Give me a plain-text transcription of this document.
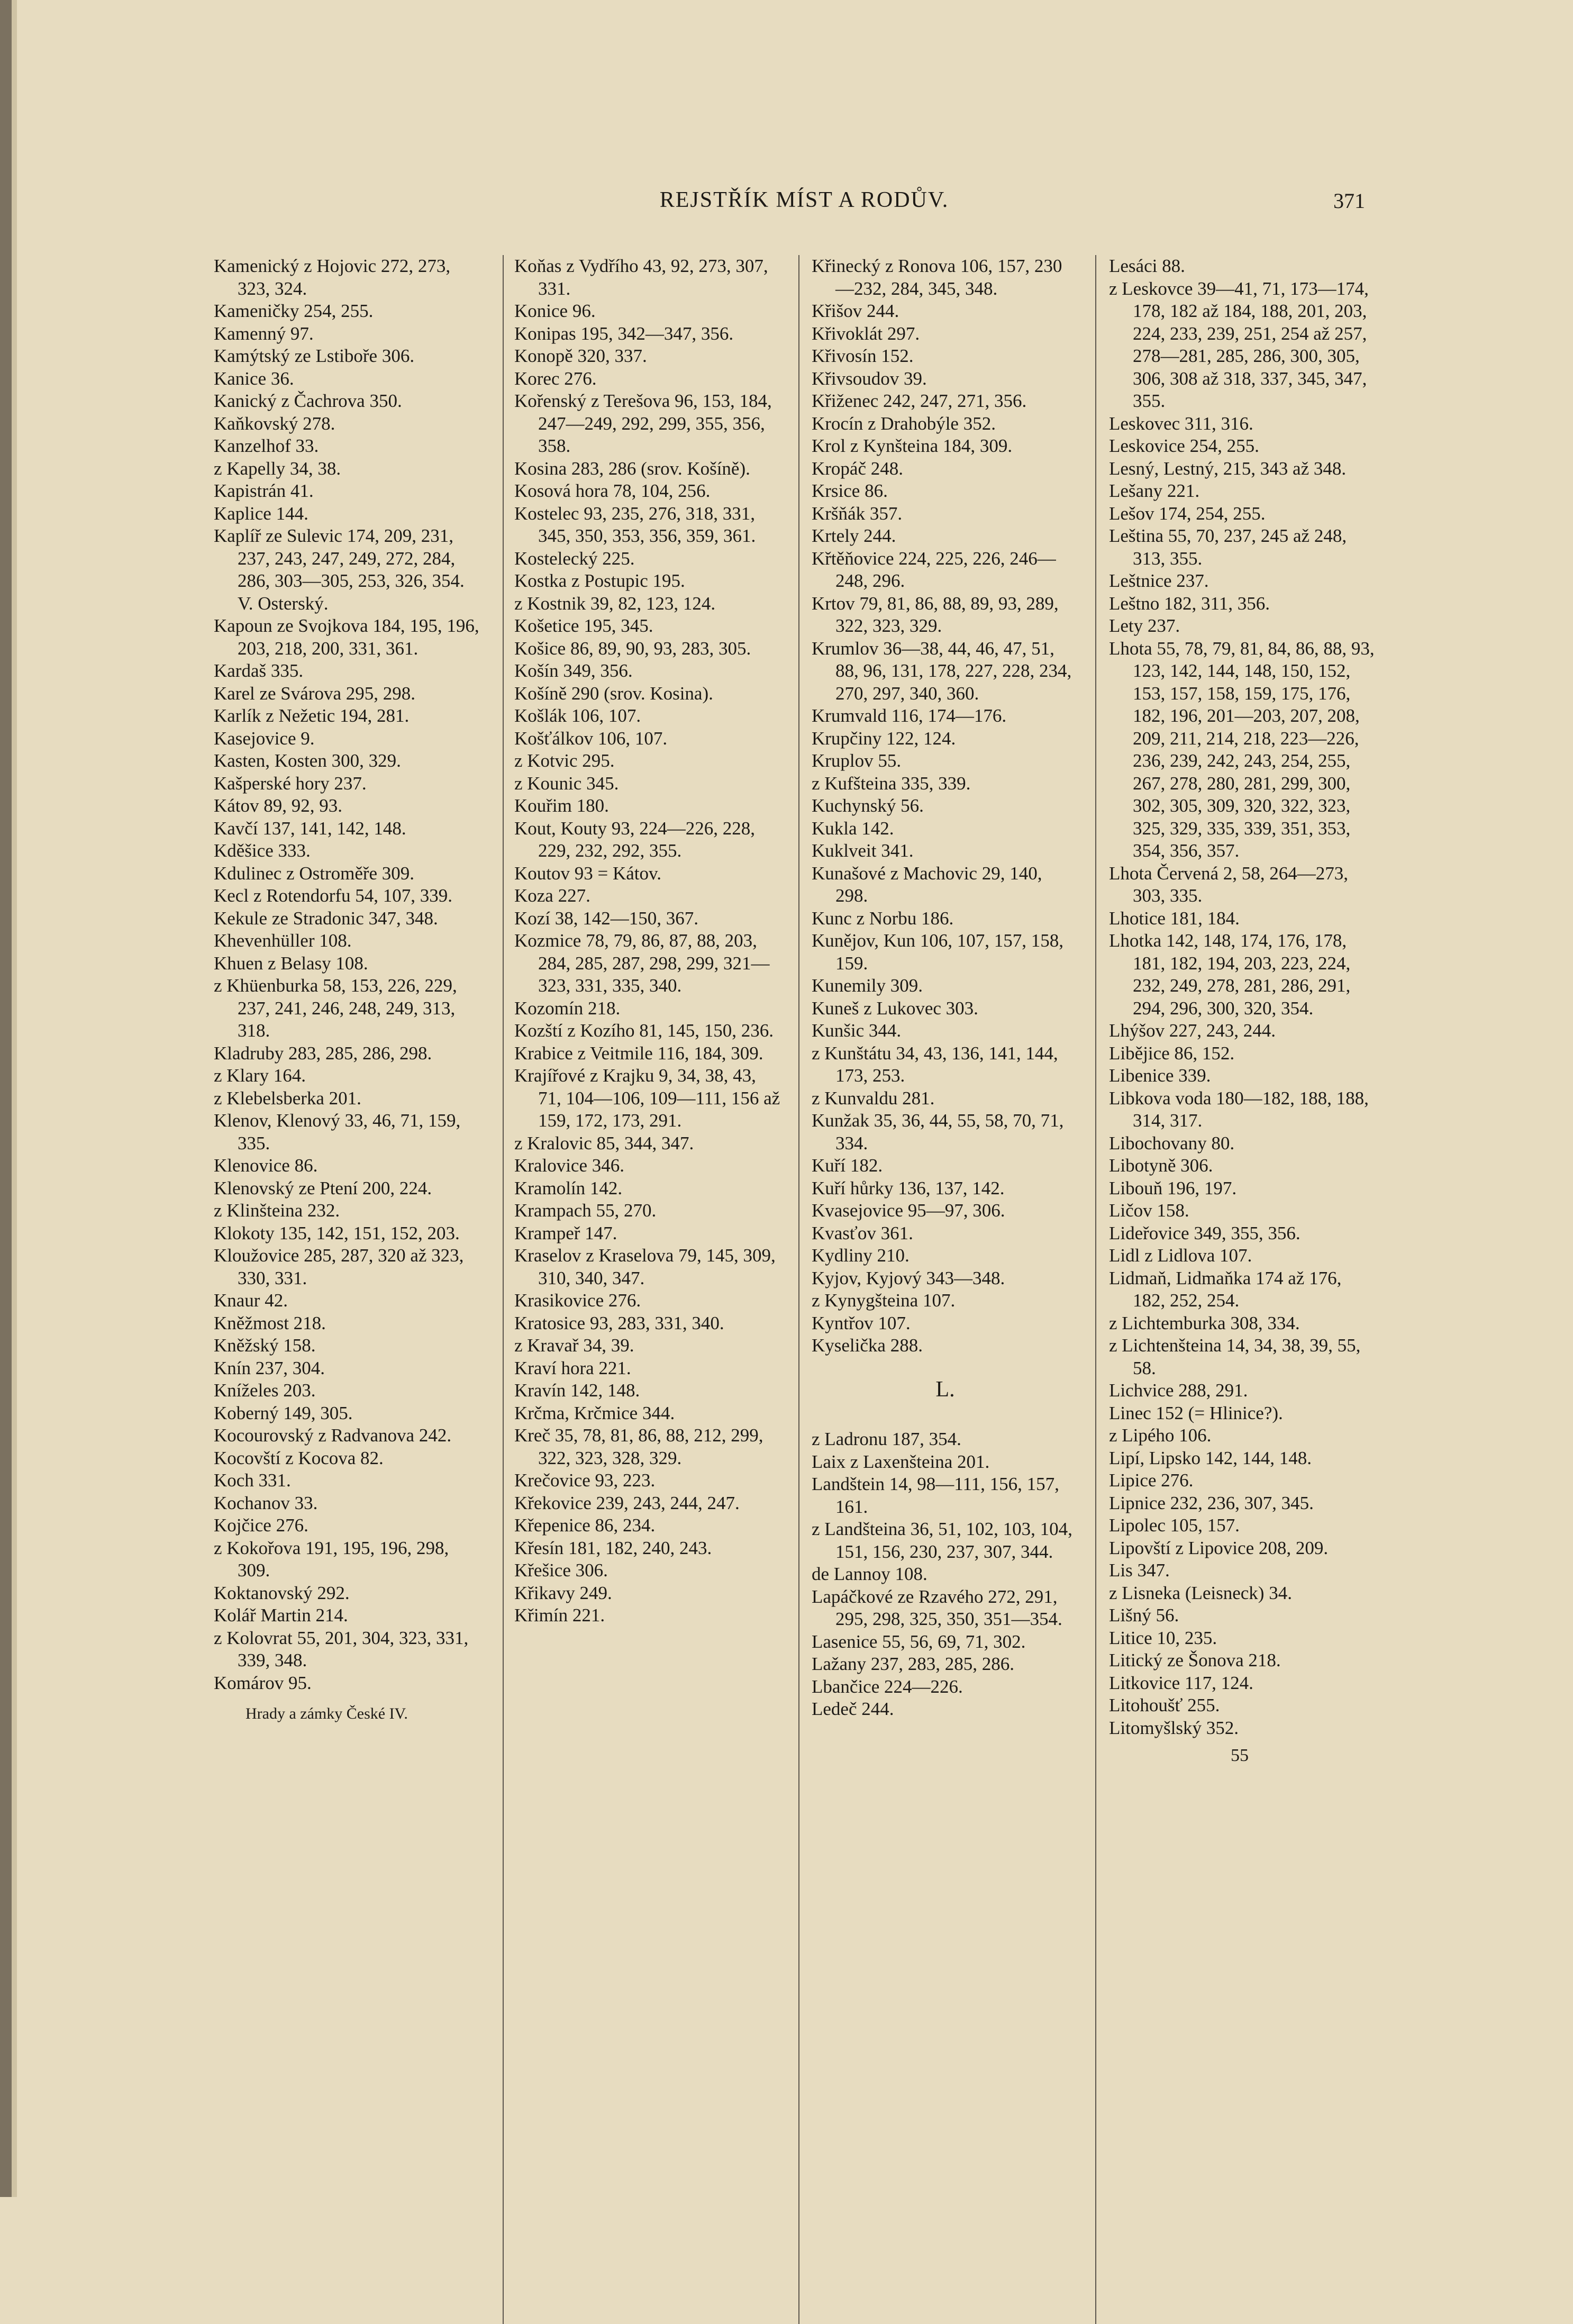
REJSTŘÍK MÍST A RODŮV.	371

Kamenický z Hojovic 272, 273, 323, 324.

Kameničky 254, 255.

Kamenný 97.

Kamýtský ze Lstiboře 306.

Kanice 36.

Kanický z Čachrova 350.

Kaňkovský 278.

Kanzelhof 33.

z Kapelly 34, 38.

Kapistrán 41.

Kaplice 144.

Kaplíř ze Sulevic 174, 209, 231, 237, 243, 247, 249, 272, 284, 286, 303—305, 253, 326, 354. V. Osterský.

Kapoun ze Svojkova 184, 195, 196, 203, 218, 200, 331, 361.

Kardaš 335.

Karel ze Svárova 295, 298.

Karlík z Nežetic 194, 281.

Kasejovice 9.

Kasten, Kosten 300, 329.

Kašperské hory 237.

Kátov 89, 92, 93.

Kavčí 137, 141, 142, 148.

Kděšice 333.

Kdulinec z Ostroměře 309.

Kecl z Rotendorfu 54, 107, 339.

Kekule ze Stradonic 347, 348.

Khevenhüller 108.

Khuen z Belasy 108.

z Khüenburka 58, 153, 226, 229, 237, 241, 246, 248, 249, 313, 318.

Kladruby 283, 285, 286, 298.

z Klary 164.

z Klebelsberka 201.

Klenov, Klenový 33, 46, 71, 159, 335.

Klenovice 86.

Klenovský ze Ptení 200, 224.

z Klinšteina 232.

Klokoty 135, 142, 151, 152, 203.

Kloužovice 285, 287, 320 až 323, 330, 331.

Knaur 42.

Kněžmost 218.

Kněžský 158.

Knín 237, 304.

Kníželes 203.

Koberný 149, 305.

Kocourovský z Radvanova 242.

Kocovští z Kocova 82.

Koch 331.

Kochanov 33.

Kojčice 276.

z Kokořova 191, 195, 196, 298, 309.

Koktanovský 292.

Kolář Martin 214.

z Kolovrat 55, 201, 304, 323, 331, 339, 348.

Komárov 95.

Hrady a zámky České IV.

Koňas z Vydřího 43, 92, 273, 307, 331.

Konice 96.

Konipas 195, 342—347, 356.

Konopě 320, 337.

Korec 276.

Kořenský z Terešova 96, 153, 184, 247—249, 292, 299, 355, 356, 358.

Kosina 283, 286 (srov. Košíně).

Kosová hora 78, 104, 256.

Kostelec 93, 235, 276, 318, 331, 345, 350, 353, 356, 359, 361.

Kostelecký 225.

Kostka z Postupic 195.

z Kostnik 39, 82, 123, 124.

Košetice 195, 345.

Košice 86, 89, 90, 93, 283, 305.

Košín 349, 356.

Košíně 290 (srov. Kosina).

Košlák 106, 107.

Košťálkov 106, 107.

z Kotvic 295.

z Kounic 345.

Kouřim 180.

Kout, Kouty 93, 224—226, 228, 229, 232, 292, 355.

Koutov 93 = Kátov.

Koza 227.

Kozí 38, 142—150, 367.

Kozmice 78, 79, 86, 87, 88, 203, 284, 285, 287, 298, 299, 321—323, 331, 335, 340.

Kozomín 218.

Kozští z Kozího 81, 145, 150, 236.

Krabice z Veitmile 116, 184, 309.

Krajířové z Krajku 9, 34, 38, 43, 71, 104—106, 109—111, 156 až 159, 172, 173, 291.

z Kralovic 85, 344, 347.

Kralovice 346.

Kramolín 142.

Krampach 55, 270.

Krampeř 147.

Kraselov z Kraselova 79, 145, 309, 310, 340, 347.

Krasikovice 276.

Kratosice 93, 283, 331, 340.

z Kravař 34, 39.

Kraví hora 221.

Kravín 142, 148.

Krčma, Krčmice 344.

Kreč 35, 78, 81, 86, 88, 212, 299, 322, 323, 328, 329.

Krečovice 93, 223.

Křekovice 239, 243, 244, 247.

Křepenice 86, 234.

Křesín 181, 182, 240, 243.

Křešice 306.

Křikavy 249.

Křimín 221.

Křinecký z Ronova 106, 157, 230—232, 284, 345, 348.

Křišov 244.

Křivoklát 297.

Křivosín 152.

Křivsoudov 39.

Křiženec 242, 247, 271, 356.

Krocín z Drahobýle 352.

Krol z Kynšteina 184, 309.

Kropáč 248.

Krsice 86.

Kršňák 357.

Krtely 244.

Křtěňovice 224, 225, 226, 246—248, 296.

Krtov 79, 81, 86, 88, 89, 93, 289, 322, 323, 329.

Krumlov 36—38, 44, 46, 47, 51, 88, 96, 131, 178, 227, 228, 234, 270, 297, 340, 360.

Krumvald 116, 174—176.

Krupčiny 122, 124.

Kruplov 55.

z Kufšteina 335, 339.

Kuchynský 56.

Kukla 142.

Kuklveit 341.

Kunašové z Machovic 29, 140, 298.

Kunc z Norbu 186.

Kunějov, Kun 106, 107, 157, 158, 159.

Kunemily 309.

Kuneš z Lukovec 303.

Kunšic 344.

z Kunštátu 34, 43, 136, 141, 144, 173, 253.

z Kunvaldu 281.

Kunžak 35, 36, 44, 55, 58, 70, 71, 334.

Kuří 182.

Kuří hůrky 136, 137, 142.

Kvasejovice 95—97, 306.

Kvasťov 361.

Kydliny 210.

Kyjov, Kyjový 343—348.

z Kynygšteina 107.

Kyntřov 107.

Kyselička 288.

L.

z Ladronu 187, 354.

Laix z Laxenšteina 201.

Landštein 14, 98—111, 156, 157, 161.

z Landšteina 36, 51, 102, 103, 104, 151, 156, 230, 237, 307, 344.

de Lannoy 108.

Lapáčkové ze Rzavého 272, 291, 295, 298, 325, 350, 351—354.

Lasenice 55, 56, 69, 71, 302.

Lažany 237, 283, 285, 286.

Lbančice 224—226.

Ledeč 244.

Lesáci 88.

z Leskovce 39—41, 71, 173—174, 178, 182 až 184, 188, 201, 203, 224, 233, 239, 251, 254 až 257, 278—281, 285, 286, 300, 305, 306, 308 až 318, 337, 345, 347, 355.

Leskovec 311, 316.

Leskovice 254, 255.

Lesný, Lestný, 215, 343 až 348.

Lešany 221.

Lešov 174, 254, 255.

Leština 55, 70, 237, 245 až 248, 313, 355.

Leštnice 237.

Leštno 182, 311, 356.

Lety 237.

Lhota 55, 78, 79, 81, 84, 86, 88, 93, 123, 142, 144, 148, 150, 152, 153, 157, 158, 159, 175, 176, 182, 196, 201—203, 207, 208, 209, 211, 214, 218, 223—226, 236, 239, 242, 243, 254, 255, 267, 278, 280, 281, 299, 300, 302, 305, 309, 320, 322, 323, 325, 329, 335, 339, 351, 353, 354, 356, 357.

Lhota Červená 2, 58, 264—273, 303, 335.

Lhotice 181, 184.

Lhotka 142, 148, 174, 176, 178, 181, 182, 194, 203, 223, 224, 232, 249, 278, 281, 286, 291, 294, 296, 300, 320, 354.

Lhýšov 227, 243, 244.

Liběјice 86, 152.

Libenice 339.

Libkova voda 180—182, 188, 188, 314, 317.

Libochovany 80.

Libotyně 306.

Libouň 196, 197.

Ličov 158.

Lideřovice 349, 355, 356.

Lidl z Lidlova 107.

Lidmaň, Lidmaňka 174 až 176, 182, 252, 254.

z Lichtemburka 308, 334.

z Lichtenšteina 14, 34, 38, 39, 55, 58.

Lichvice 288, 291.

Linec 152 (= Hlinice?).

z Lipého 106.

Lipí, Lipsko 142, 144, 148.

Lipice 276.

Lipnice 232, 236, 307, 345.

Lipolec 105, 157.

Lipovští z Lipovice 208, 209.

Lis 347.

z Lisneka (Leisneck) 34.

Lišný 56.

Litice 10, 235.

Litický ze Šonova 218.

Litkovice 117, 124.

Litohoušť 255.

Litomyšlský 352.

55
